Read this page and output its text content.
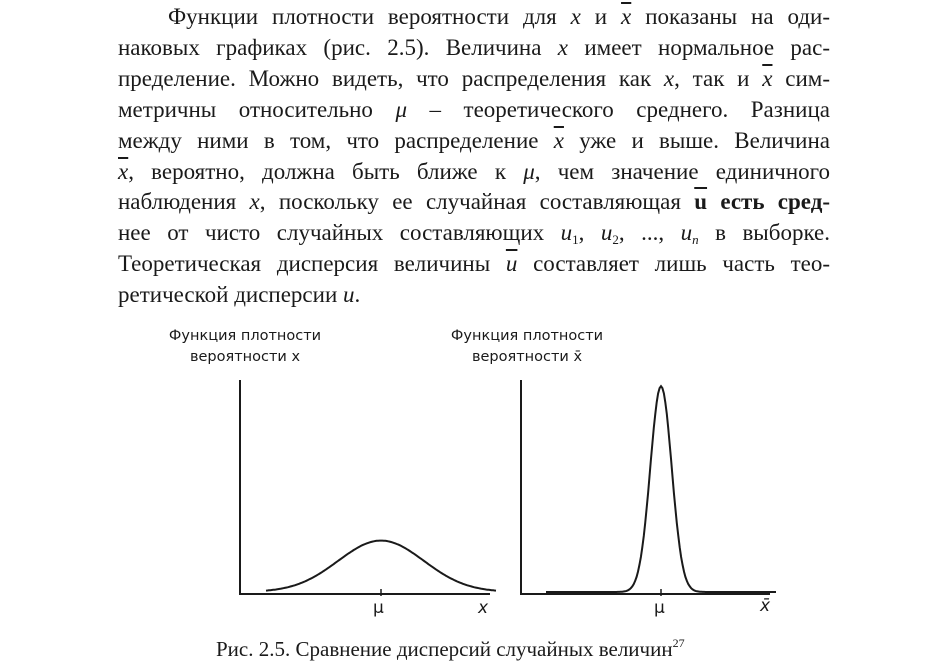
Функции плотности вероятности для x и $\overline{x}$ показаны на оди-
наковых графиках (рис. 2.5). Величина x имеет нормальное рас-
пределение. Можно видеть, что распределения как x, так и $\overline{x}$ сим-
метричны относительно μ – теоретического среднего. Разница
между ними в том, что распределение $\overline{x}$ уже и выше. Величина
$\overline{x}$, вероятно, должна быть ближе к μ, чем значение единичного
наблюдения x, поскольку ее случайная составляющая $\overline{u}$ есть сред-
нее от чисто случайных составляющих $u_1$, $u_2$, ..., $u_n$ в выборке.
Теоретическая дисперсия величины $\overline{u}$ составляет лишь часть тео-
ретической дисперсии u.

Функция плотности
вероятности x
Функция плотности
вероятности x̄
μ	x	μ	x̄
Рис. 2.5. Сравнение дисперсий случайных величин$^{27}$
